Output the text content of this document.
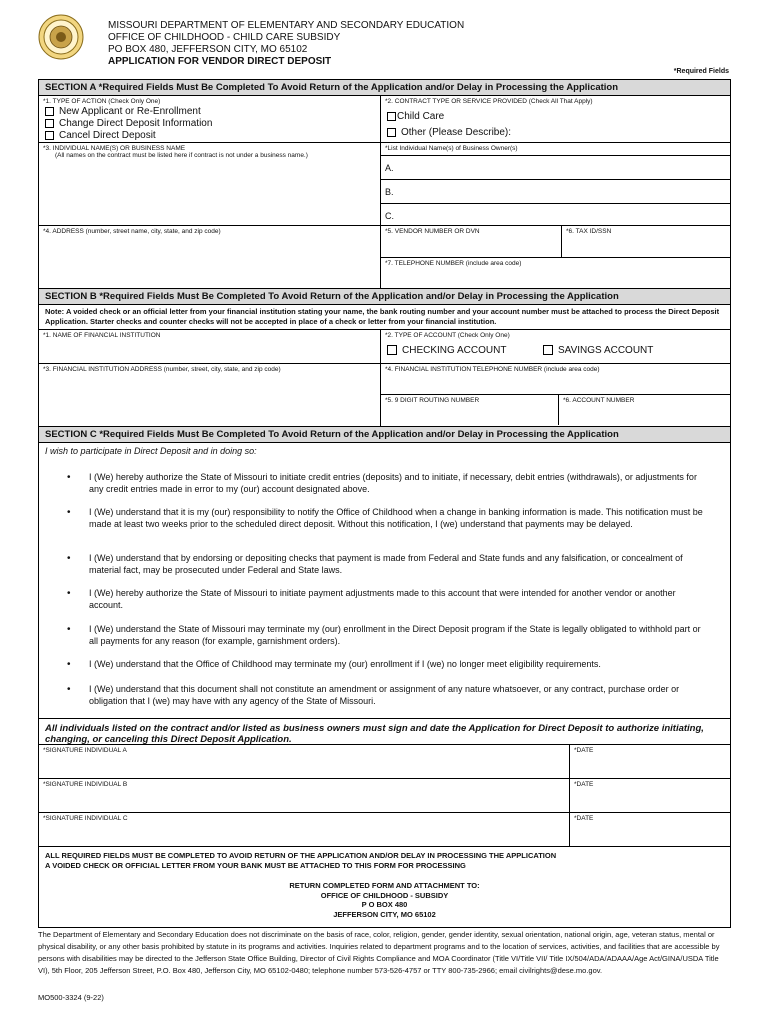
MISSOURI DEPARTMENT OF ELEMENTARY AND SECONDARY EDUCATION
OFFICE OF CHILDHOOD - CHILD CARE SUBSIDY
PO BOX 480, JEFFERSON CITY, MO 65102
APPLICATION FOR VENDOR DIRECT DEPOSIT
*Required Fields
SECTION A *Required Fields Must Be Completed To Avoid Return of the Application and/or Delay in Processing the Application
*1. TYPE OF ACTION (Check Only One)
New Applicant or Re-Enrollment
Change Direct Deposit Information
Cancel Direct Deposit
*2. CONTRACT TYPE OR SERVICE PROVIDED (Check All That Apply)
Child Care
Other (Please Describe):
*3. INDIVIDUAL NAME(S) OR BUSINESS NAME
(All names on the contract must be listed here if contract is not under a business name.)
*List Individual Name(s) of Business Owner(s)
A.
B.
C.
*4. ADDRESS (number, street name, city, state, and zip code)	*5. VENDOR NUMBER OR DVN	*6. TAX ID/SSN
*7. TELEPHONE NUMBER (include area code)
SECTION B *Required Fields Must Be Completed To Avoid Return of the Application and/or Delay in Processing the Application
Note: A voided check or an official letter from your financial institution stating your name, the bank routing number and your account number must be attached to process the Direct Deposit Application. Starter checks and counter checks will not be accepted in place of a check or letter from your financial institution.
*1. NAME OF FINANCIAL INSTITUTION	*2. TYPE OF ACCOUNT (Check Only One)
CHECKING ACCOUNT	SAVINGS ACCOUNT
*3. FINANCIAL INSTITUTION ADDRESS (number, street, city, state, and zip code)	*4. FINANCIAL INSTITUTION TELEPHONE NUMBER (include area code)
*5. 9 DIGIT ROUTING NUMBER	*6. ACCOUNT NUMBER
SECTION C *Required Fields Must Be Completed To Avoid Return of the Application and/or Delay in Processing the Application
I wish to participate in Direct Deposit and in doing so:
•	I (We) hereby authorize the State of Missouri to initiate credit entries (deposits) and to initiate, if necessary, debit entries (withdrawals), or adjustments for any credit entries made in error to my (our) account designated above.
•	I (We) understand that it is my (our) responsibility to notify the Office of Childhood when a change in banking information is made. This notification must be made at least two weeks prior to the scheduled direct deposit. Without this notification, I (we) understand that payments may be delayed.
•	I (We) understand that by endorsing or depositing checks that payment is made from Federal and State funds and any falsification, or concealment of material fact, may be prosecuted under Federal and State laws.
•	I (We) hereby authorize the State of Missouri to initiate payment adjustments made to this account that were intended for another vendor or another account.
•	I (We) understand the State of Missouri may terminate my (our) enrollment in the Direct Deposit program if the State is legally obligated to withhold part or all payments for any reason (for example, garnishment orders).
•	I (We) understand that the Office of Childhood may terminate my (our) enrollment if I (we) no longer meet eligibility requirements.
•	I (We) understand that this document shall not constitute an amendment or assignment of any nature whatsoever, or any contract, purchase order or obligation that I (we) may have with any agency of the State of Missouri.
All individuals listed on the contract and/or listed as business owners must sign and date the Application for Direct Deposit to authorize initiating, changing, or canceling this Direct Deposit Application.
*SIGNATURE INDIVIDUAL A	*DATE
*SIGNATURE INDIVIDUAL B	*DATE
*SIGNATURE INDIVIDUAL C	*DATE
ALL REQUIRED FIELDS MUST BE COMPLETED TO AVOID RETURN OF THE APPLICATION AND/OR DELAY IN PROCESSING THE APPLICATION
A VOIDED CHECK OR OFFICIAL LETTER FROM YOUR BANK MUST BE ATTACHED TO THIS FORM FOR PROCESSING
RETURN COMPLETED FORM AND ATTACHMENT TO:
OFFICE OF CHILDHOOD - SUBSIDY
P O BOX 480
JEFFERSON CITY, MO 65102
The Department of Elementary and Secondary Education does not discriminate on the basis of race, color, religion, gender, gender identity, sexual orientation, national origin, age, veteran status, mental or physical disability, or any other basis prohibited by statute in its programs and activities. Inquiries related to department programs and to the location of services, activities, and facilities that are accessible by persons with disabilities may be directed to the Jefferson State Office Building, Director of Civil Rights Compliance and MOA Coordinator (Title VI/Title VII/ Title IX/504/ADA/ADAAA/Age Act/GINA/USDA Title VI), 5th Floor, 205 Jefferson Street, P.O. Box 480, Jefferson City, MO 65102-0480; telephone number 573-526-4757 or TTY 800-735-2966; email civilrights@dese.mo.gov.
MO500-3324 (9-22)
